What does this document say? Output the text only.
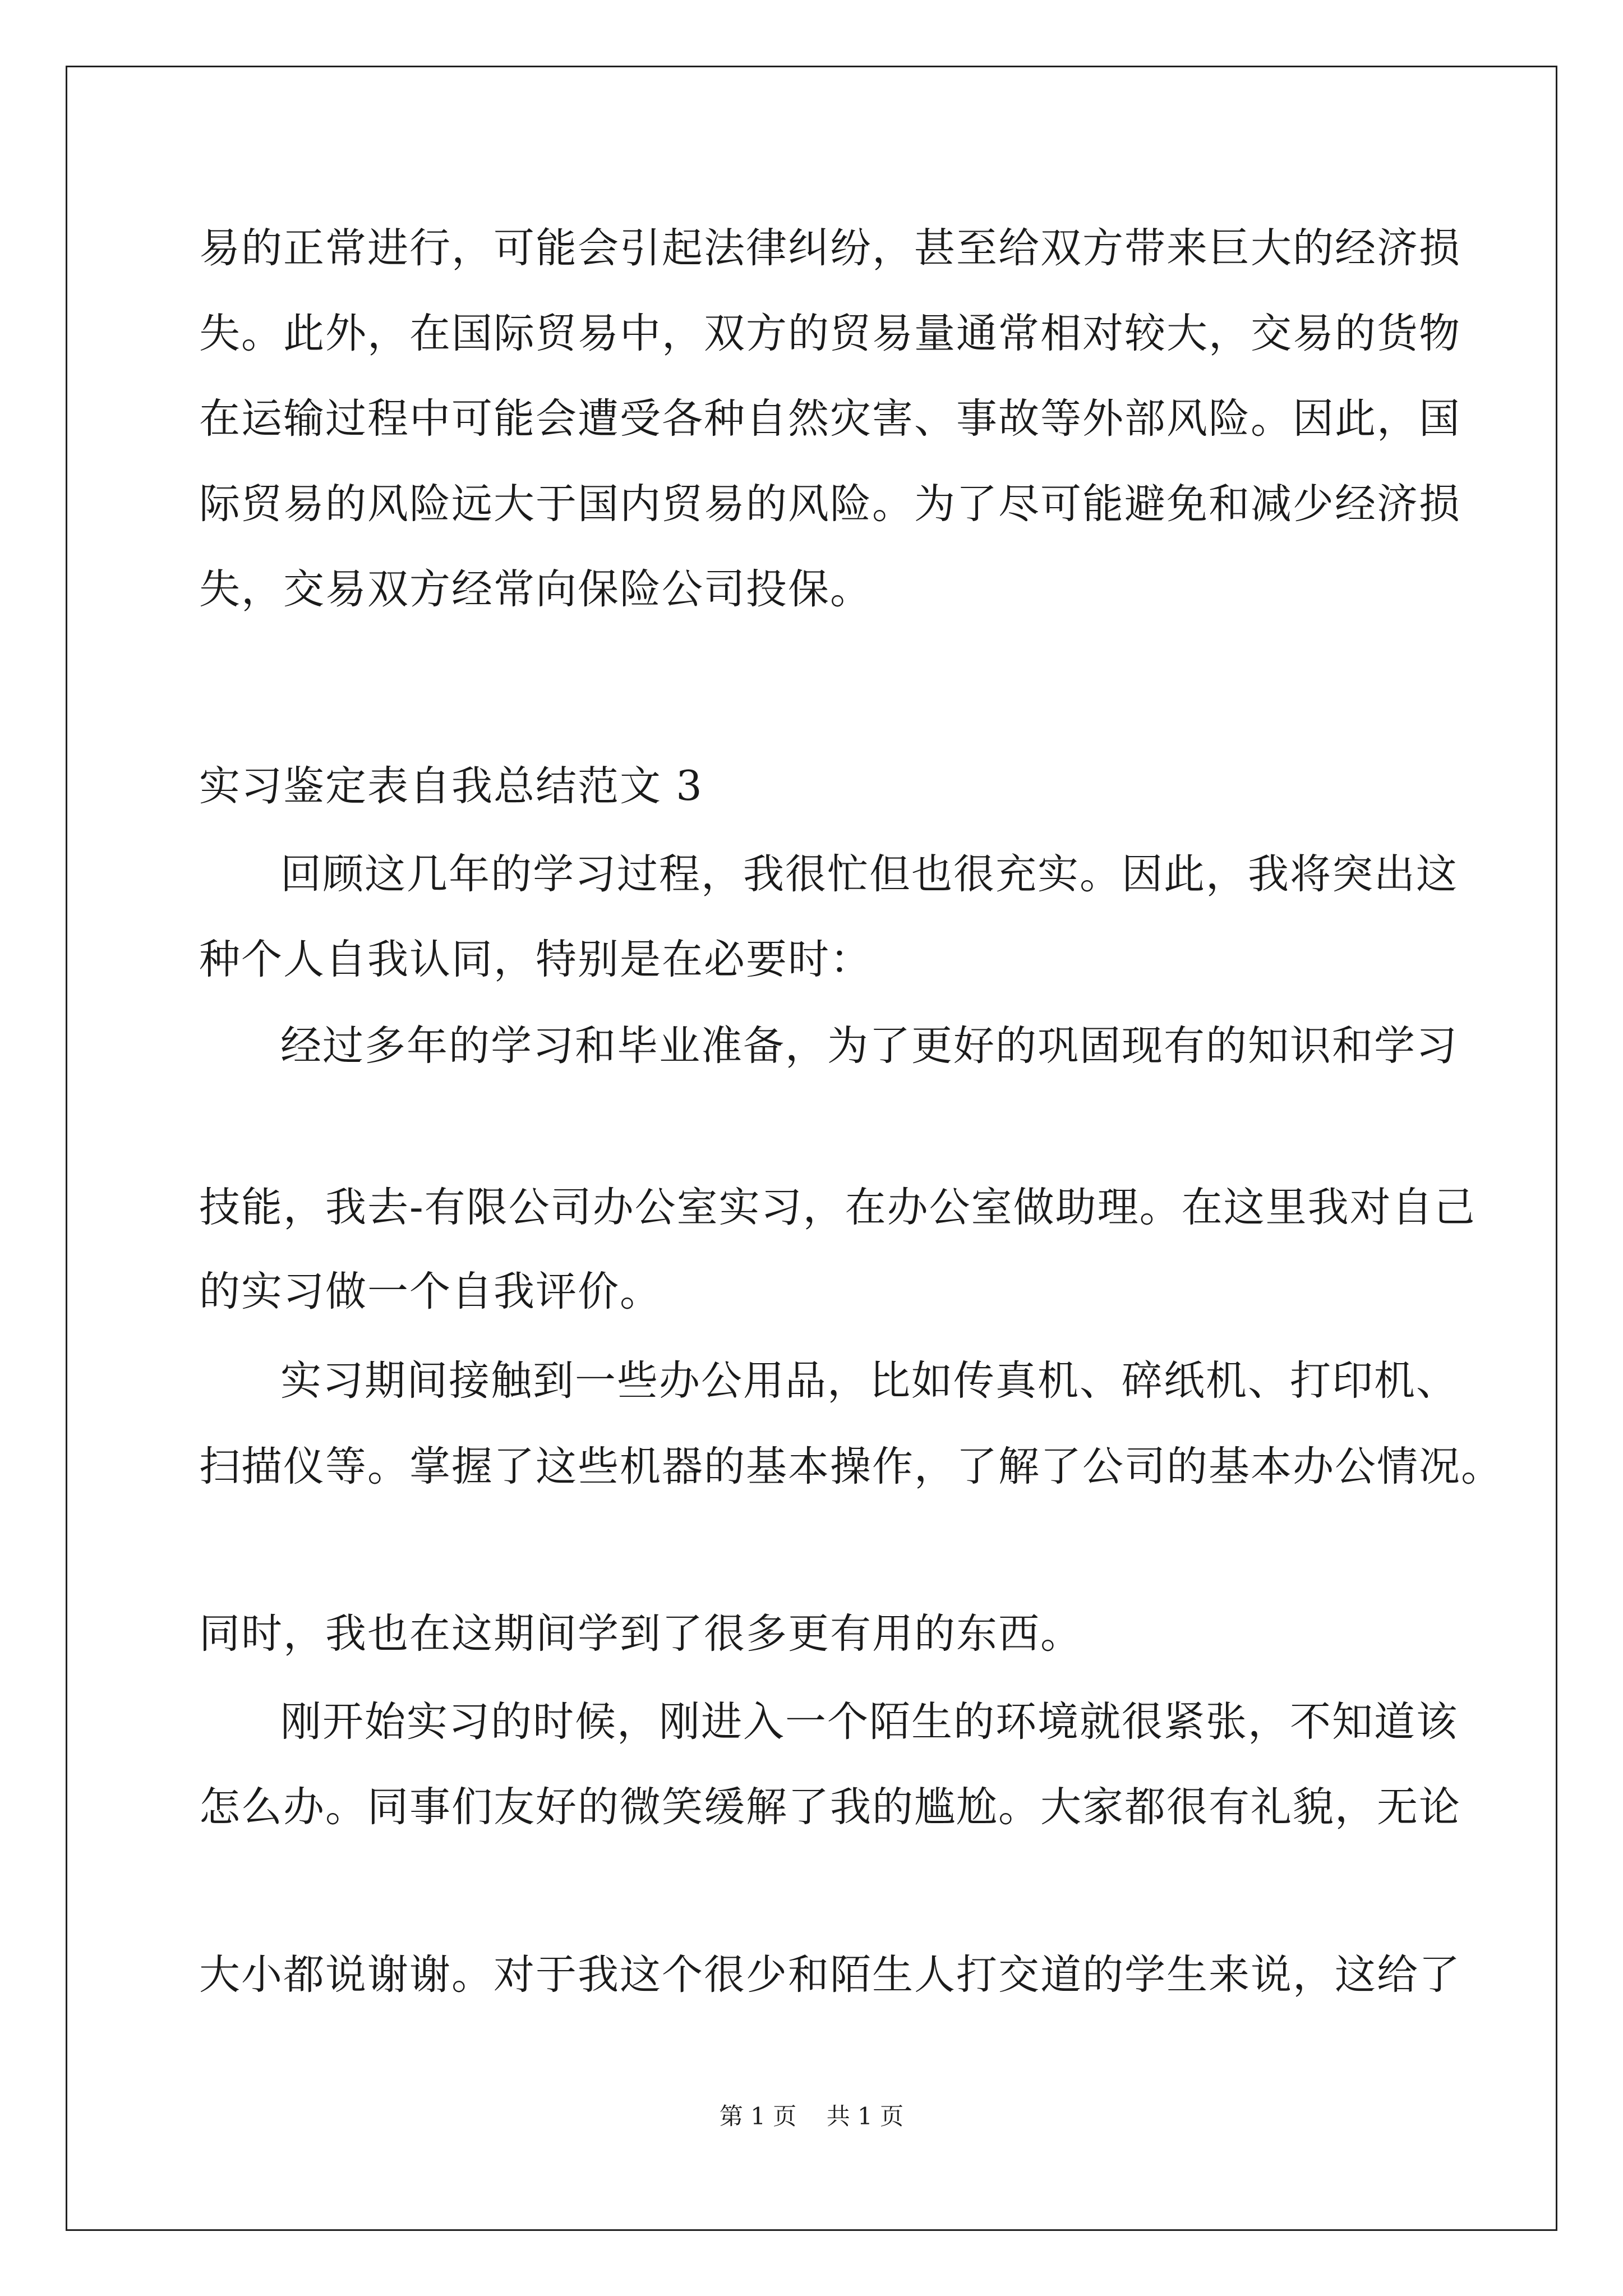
易的正常进行，可能会引起法律纠纷，甚至给双方带来巨大的经济损
失。此外，在国际贸易中，双方的贸易量通常相对较大，交易的货物
在运输过程中可能会遭受各种自然灾害、事故等外部风险。因此，国
际贸易的风险远大于国内贸易的风险。为了尽可能避免和减少经济损
失，交易双方经常向保险公司投保。
实习鉴定表自我总结范文 3
回顾这几年的学习过程，我很忙但也很充实。因此，我将突出这
种个人自我认同，特别是在必要时：
经过多年的学习和毕业准备，为了更好的巩固现有的知识和学习
技能，我去-有限公司办公室实习，在办公室做助理。在这里我对自己
的实习做一个自我评价。
实习期间接触到一些办公用品，比如传真机、碎纸机、打印机、
扫描仪等。掌握了这些机器的基本操作，了解了公司的基本办公情况。
同时，我也在这期间学到了很多更有用的东西。
刚开始实习的时候，刚进入一个陌生的环境就很紧张，不知道该
怎么办。同事们友好的微笑缓解了我的尴尬。大家都很有礼貌，无论
大小都说谢谢。对于我这个很少和陌生人打交道的学生来说，这给了
第 1 页    共 1 页
